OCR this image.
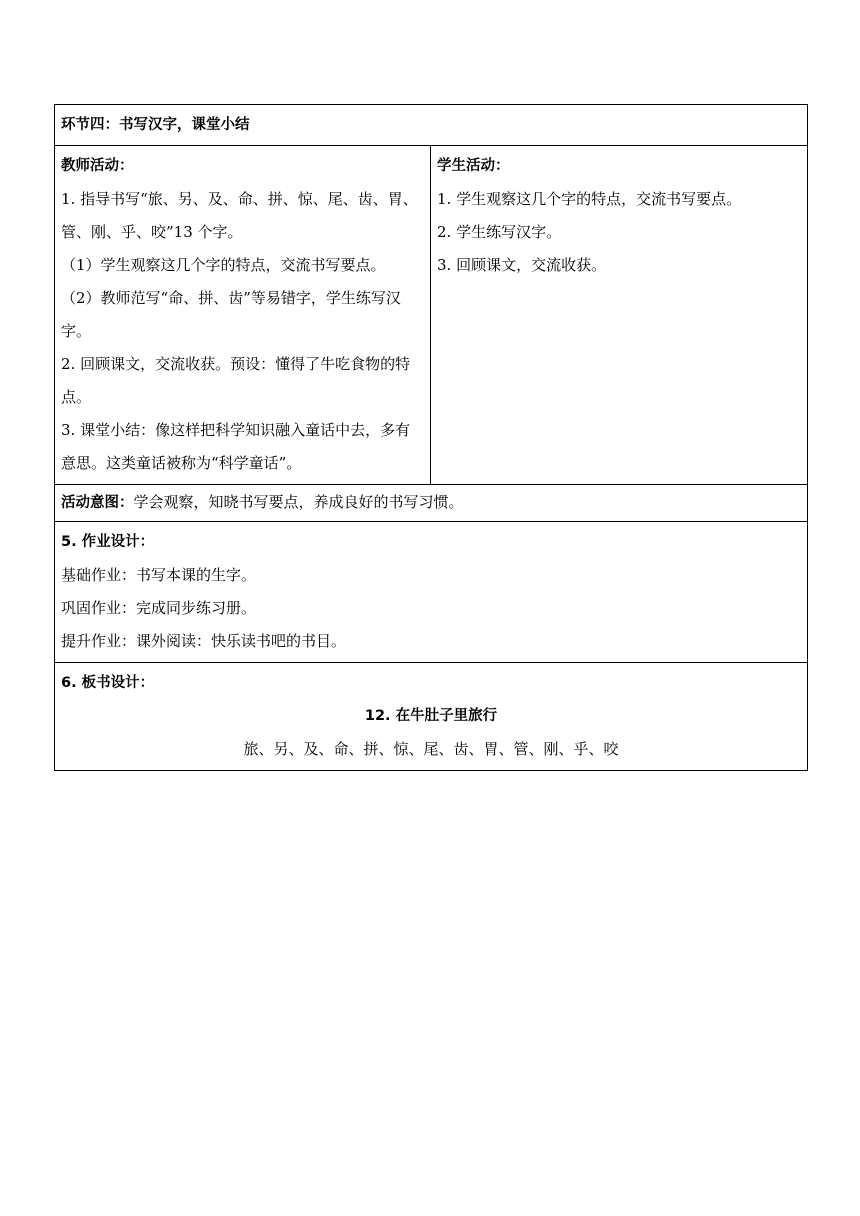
环节四：书写汉字，课堂小结

教师活动：
1. 指导书写“旅、另、及、命、拼、惊、尾、齿、胃、管、刚、乎、咬”13 个字。
（1）学生观察这几个字的特点，交流书写要点。
（2）教师范写“命、拼、齿”等易错字，学生练写汉字。
2. 回顾课文，交流收获。预设：懂得了牛吃食物的特点。
3. 课堂小结：像这样把科学知识融入童话中去，多有意思。这类童话被称为“科学童话”。

学生活动：
1. 学生观察这几个字的特点，交流书写要点。
2. 学生练写汉字。
3. 回顾课文，交流收获。

活动意图：学会观察，知晓书写要点，养成良好的书写习惯。

5. 作业设计：
基础作业：书写本课的生字。
巩固作业：完成同步练习册。
提升作业：课外阅读：快乐读书吧的书目。

6. 板书设计：
12. 在牛肚子里旅行
旅、另、及、命、拼、惊、尾、齿、胃、管、刚、乎、咬
